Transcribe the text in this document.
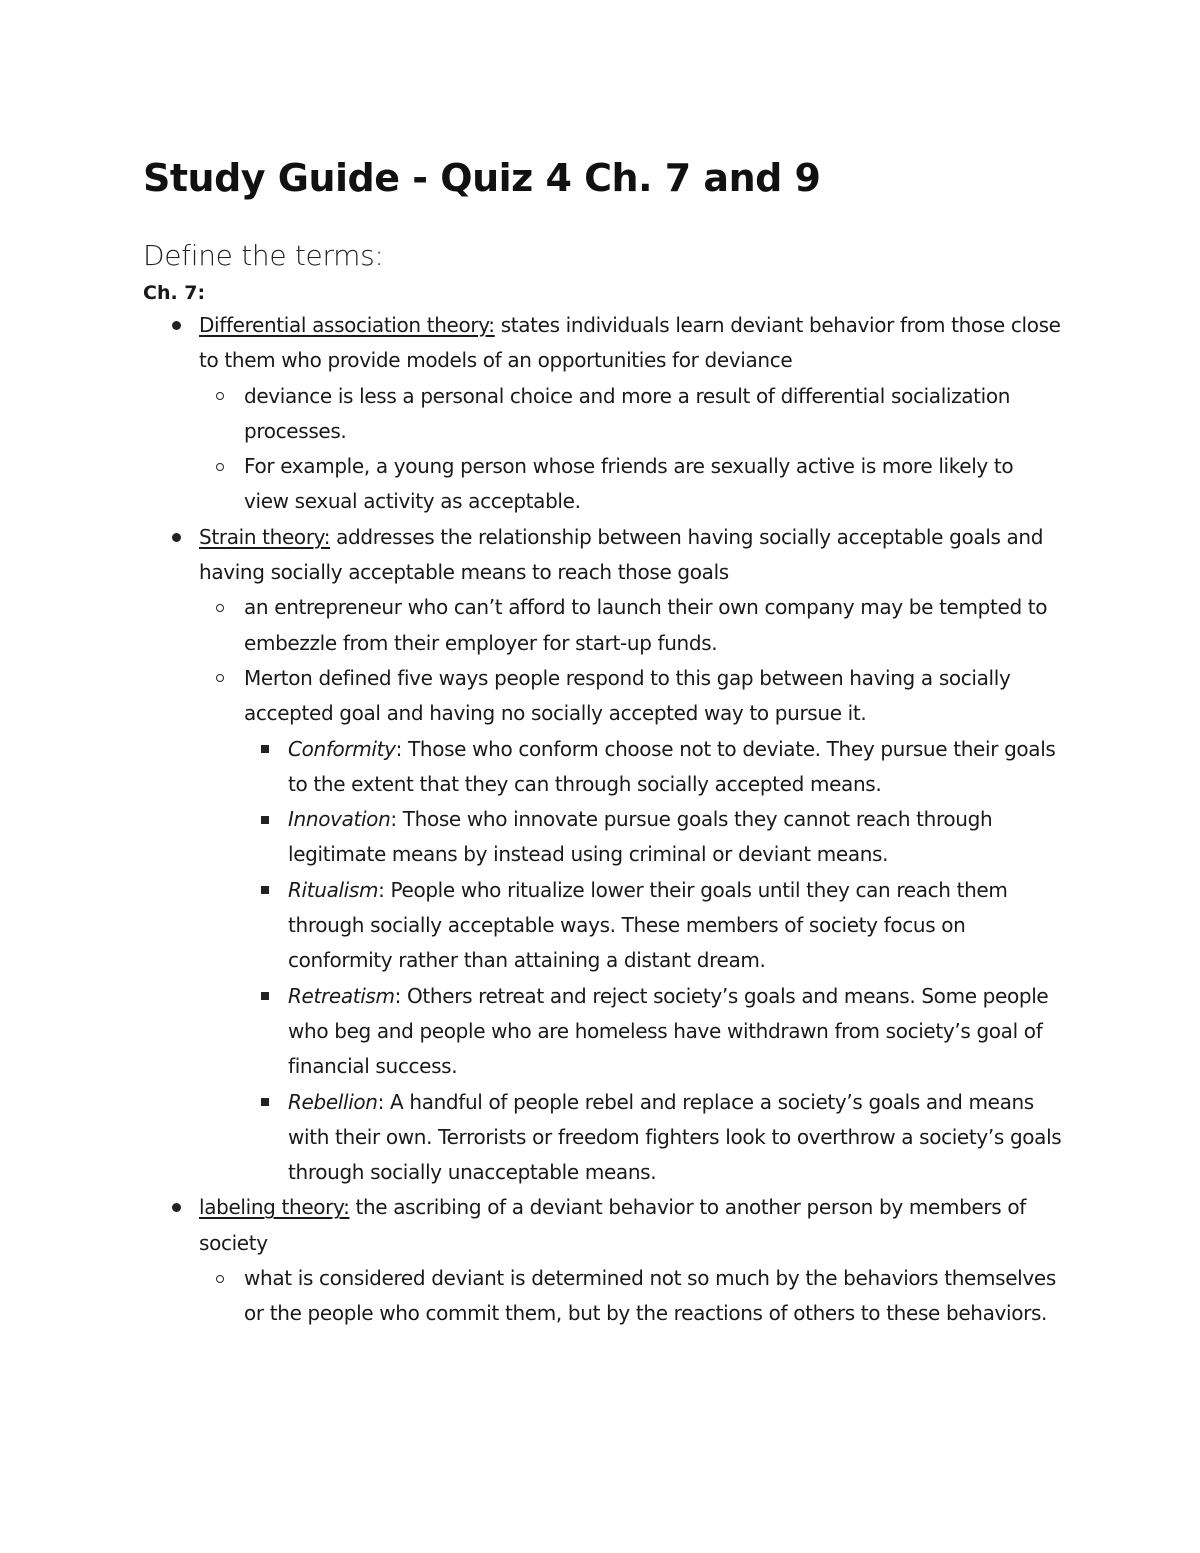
Study Guide - Quiz 4 Ch. 7 and 9
Define the terms:
Ch. 7:
Differential association theory: states individuals learn deviant behavior from those close to them who provide models of an opportunities for deviance
deviance is less a personal choice and more a result of differential socialization processes.
For example, a young person whose friends are sexually active is more likely to view sexual activity as acceptable.
Strain theory: addresses the relationship between having socially acceptable goals and having socially acceptable means to reach those goals
an entrepreneur who can’t afford to launch their own company may be tempted to embezzle from their employer for start-up funds.
Merton defined five ways people respond to this gap between having a socially accepted goal and having no socially accepted way to pursue it.
Conformity: Those who conform choose not to deviate. They pursue their goals to the extent that they can through socially accepted means.
Innovation: Those who innovate pursue goals they cannot reach through legitimate means by instead using criminal or deviant means.
Ritualism: People who ritualize lower their goals until they can reach them through socially acceptable ways. These members of society focus on conformity rather than attaining a distant dream.
Retreatism: Others retreat and reject society’s goals and means. Some people who beg and people who are homeless have withdrawn from society’s goal of financial success.
Rebellion: A handful of people rebel and replace a society’s goals and means with their own. Terrorists or freedom fighters look to overthrow a society’s goals through socially unacceptable means.
labeling theory: the ascribing of a deviant behavior to another person by members of society
what is considered deviant is determined not so much by the behaviors themselves or the people who commit them, but by the reactions of others to these behaviors.
